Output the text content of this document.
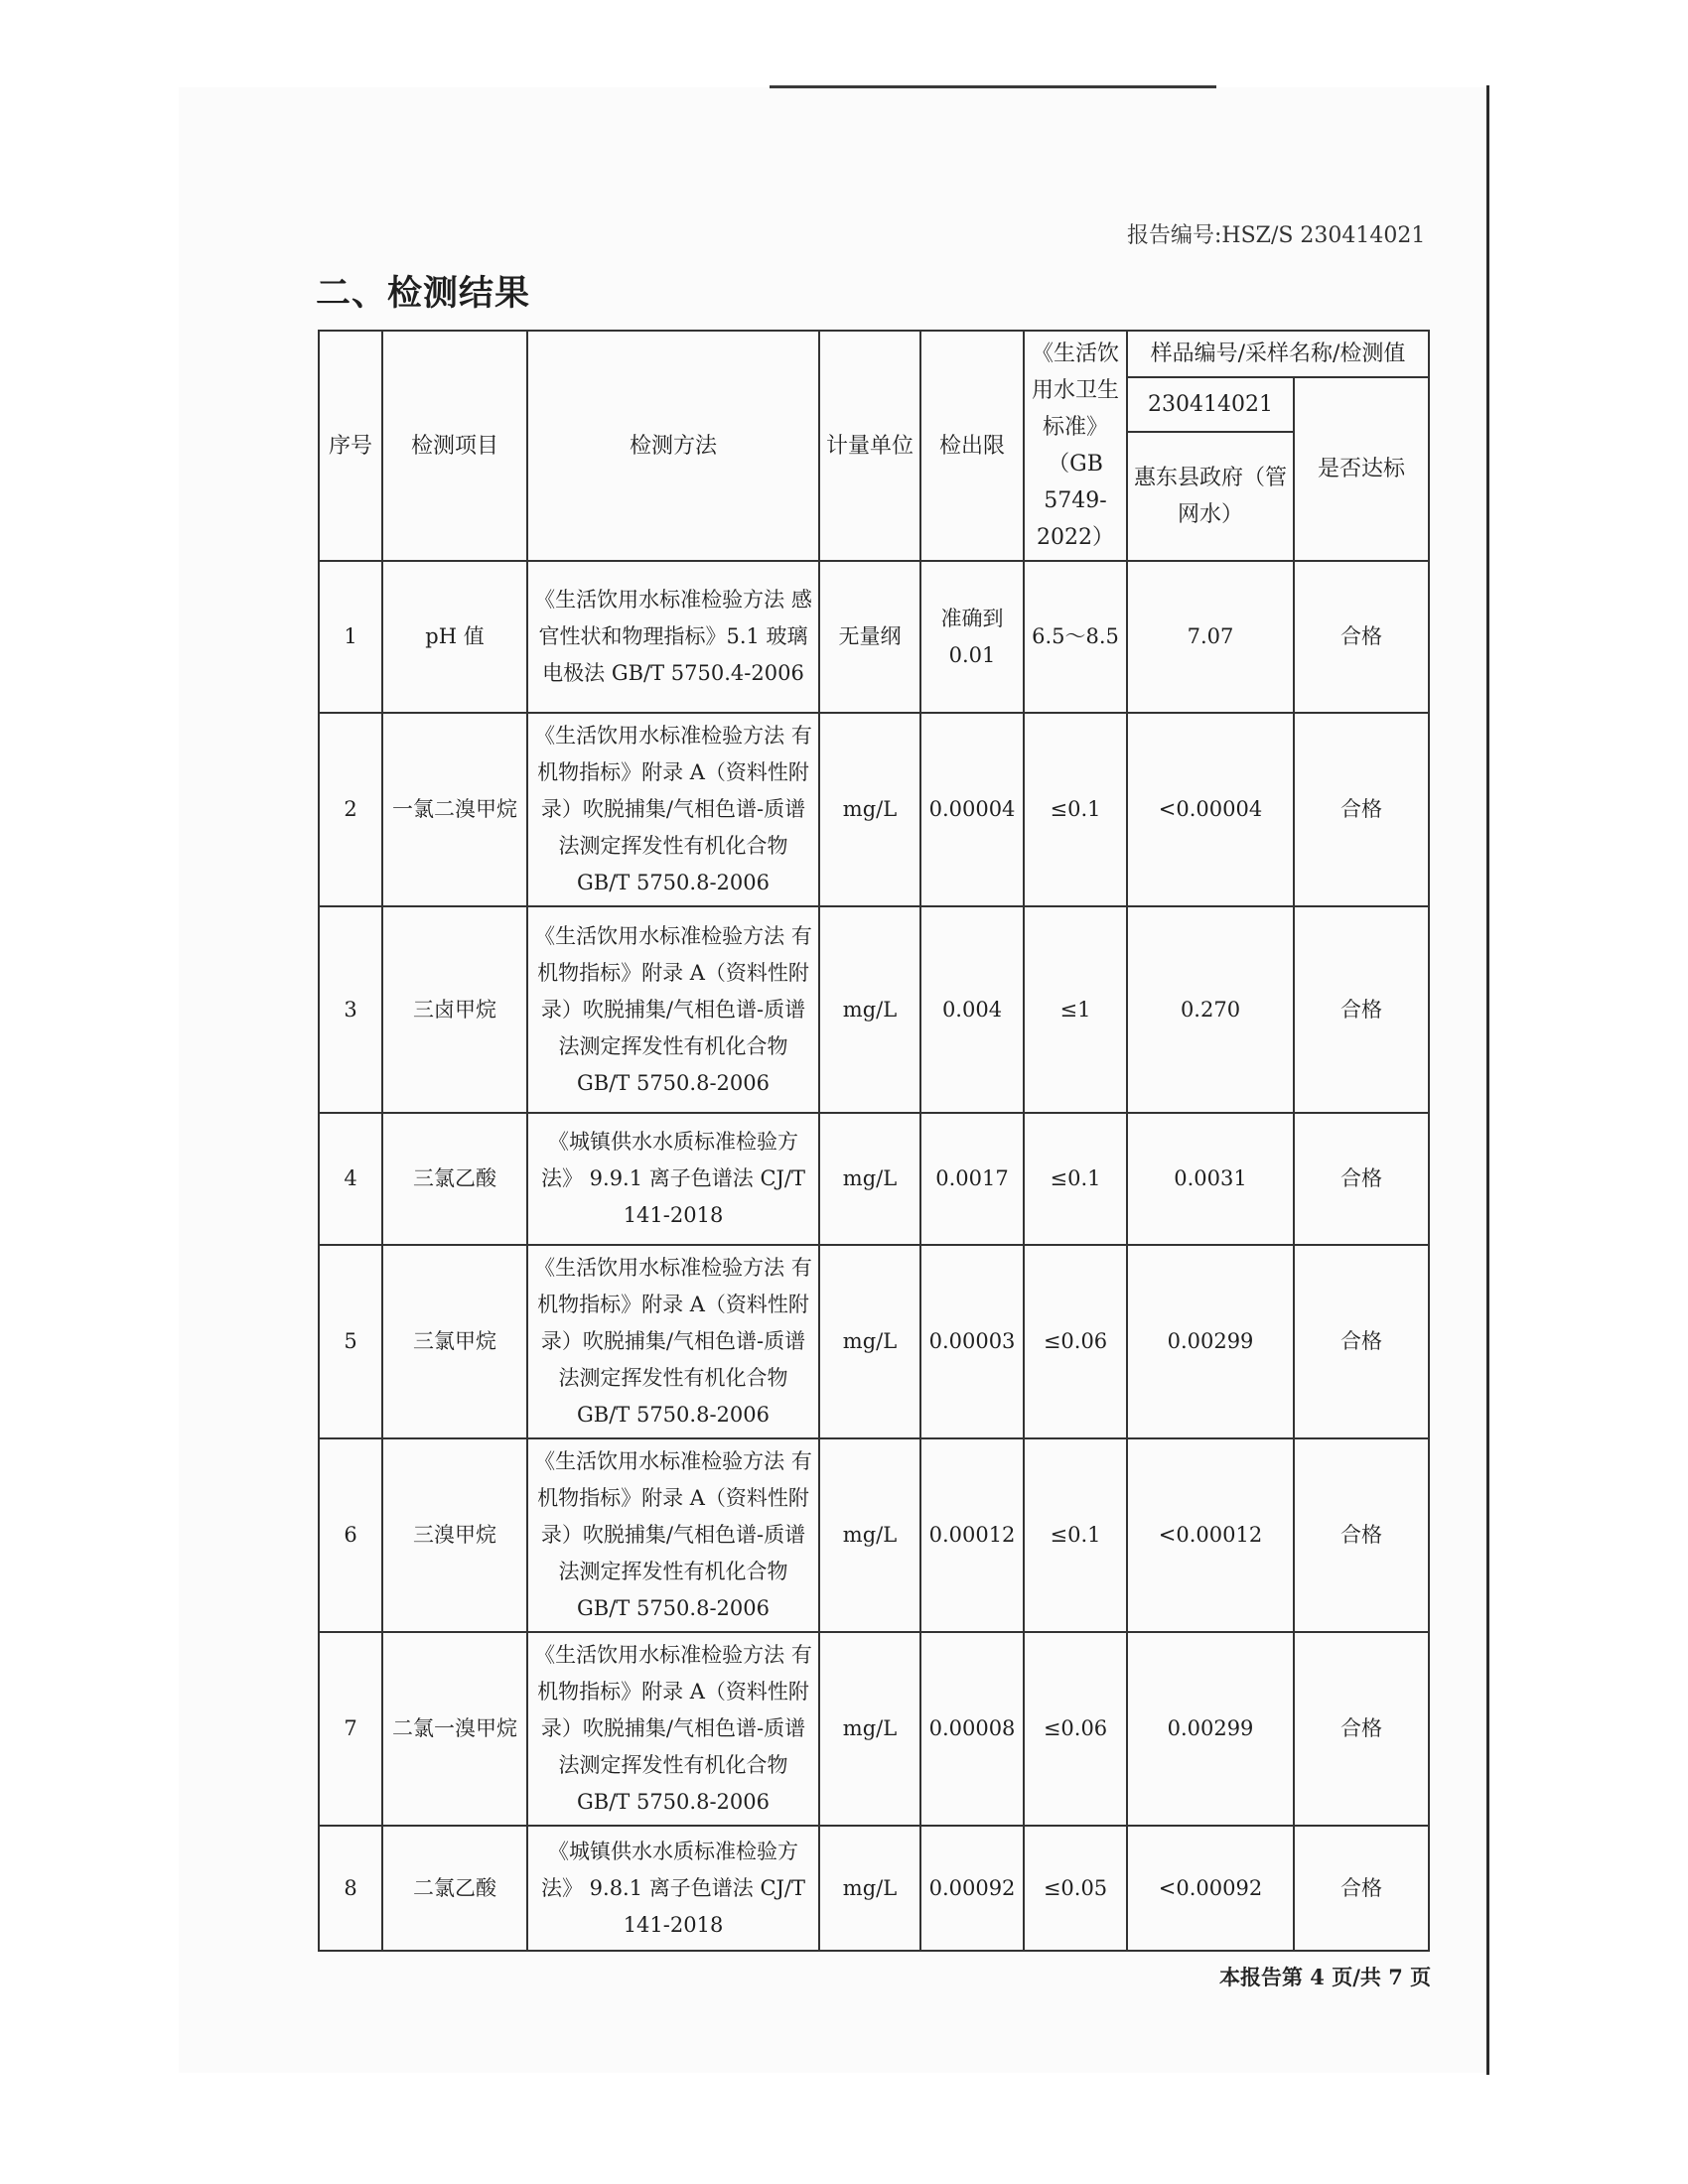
报告编号:HSZ/S 230414021
二、检测结果
序号	检测项目	检测方法	计量单位	检出限	《生活饮用水卫生标准》（GB 5749-2022）	样品编号/采样名称/检测值	
						230414021	是否达标
						惠东县政府（管网水）	
1	pH 值	《生活饮用水标准检验方法 感官性状和物理指标》5.1 玻璃电极法 GB/T 5750.4-2006	无量纲	准确到 0.01	6.5～8.5	7.07	合格
2	一氯二溴甲烷	《生活饮用水标准检验方法 有机物指标》附录 A（资料性附录）吹脱捕集/气相色谱-质谱法测定挥发性有机化合物 GB/T 5750.8-2006	mg/L	0.00004	≤0.1	<0.00004	合格
3	三卤甲烷	《生活饮用水标准检验方法 有机物指标》附录 A（资料性附录）吹脱捕集/气相色谱-质谱法测定挥发性有机化合物 GB/T 5750.8-2006	mg/L	0.004	≤1	0.270	合格
4	三氯乙酸	《城镇供水水质标准检验方法》 9.9.1 离子色谱法 CJ/T 141-2018	mg/L	0.0017	≤0.1	0.0031	合格
5	三氯甲烷	《生活饮用水标准检验方法 有机物指标》附录 A（资料性附录）吹脱捕集/气相色谱-质谱法测定挥发性有机化合物 GB/T 5750.8-2006	mg/L	0.00003	≤0.06	0.00299	合格
6	三溴甲烷	《生活饮用水标准检验方法 有机物指标》附录 A（资料性附录）吹脱捕集/气相色谱-质谱法测定挥发性有机化合物 GB/T 5750.8-2006	mg/L	0.00012	≤0.1	<0.00012	合格
7	二氯一溴甲烷	《生活饮用水标准检验方法 有机物指标》附录 A（资料性附录）吹脱捕集/气相色谱-质谱法测定挥发性有机化合物 GB/T 5750.8-2006	mg/L	0.00008	≤0.06	0.00299	合格
8	二氯乙酸	《城镇供水水质标准检验方法》 9.8.1 离子色谱法 CJ/T 141-2018	mg/L	0.00092	≤0.05	<0.00092	合格
本报告第 4 页/共 7 页
